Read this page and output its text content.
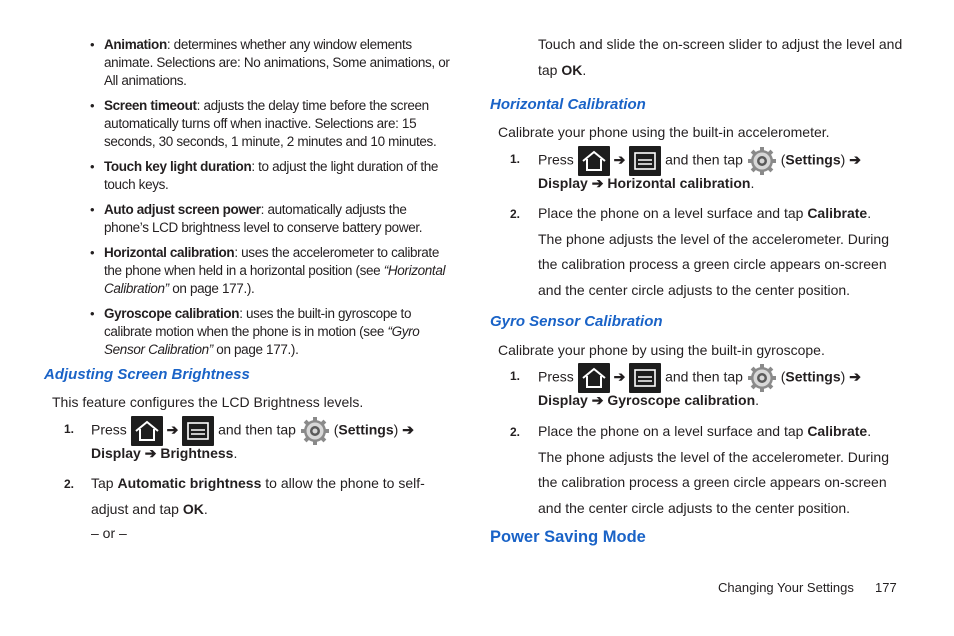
• Animation: determines whether any window elements animate. Selections are: No animations, Some animations, or All animations.
• Screen timeout: adjusts the delay time before the screen automatically turns off when inactive. Selections are: 15 seconds, 30 seconds, 1 minute, 2 minutes and 10 minutes.
• Touch key light duration: to adjust the light duration of the touch keys.
• Auto adjust screen power: automatically adjusts the phone’s LCD brightness level to conserve battery power.
• Horizontal calibration: uses the accelerometer to calibrate the phone when held in a horizontal position (see “Horizontal Calibration” on page 177.).
• Gyroscope calibration: uses the built-in gyroscope to calibrate motion when the phone is in motion (see “Gyro Sensor Calibration” on page 177.).
Adjusting Screen Brightness
This feature configures the LCD Brightness levels.
1. Press	➔	and then tap  (Settings) ➔
Display ➔ Brightness.
2. Tap Automatic brightness to allow the phone to self-adjust and tap OK.
– or –
Touch and slide the on-screen slider to adjust the level and tap OK.
Horizontal Calibration
Calibrate your phone using the built-in accelerometer.
1. Press	➔	and then tap  (Settings) ➔
Display ➔ Horizontal calibration.
2. Place the phone on a level surface and tap Calibrate. The phone adjusts the level of the accelerometer. During the calibration process a green circle appears on-screen and the center circle adjusts to the center position.
Gyro Sensor Calibration
Calibrate your phone by using the built-in gyroscope.
1. Press	➔	and then tap  (Settings) ➔
Display ➔ Gyroscope calibration.
2. Place the phone on a level surface and tap Calibrate. The phone adjusts the level of the accelerometer. During the calibration process a green circle appears on-screen and the center circle adjusts to the center position.
Power Saving Mode
Changing Your Settings 177
